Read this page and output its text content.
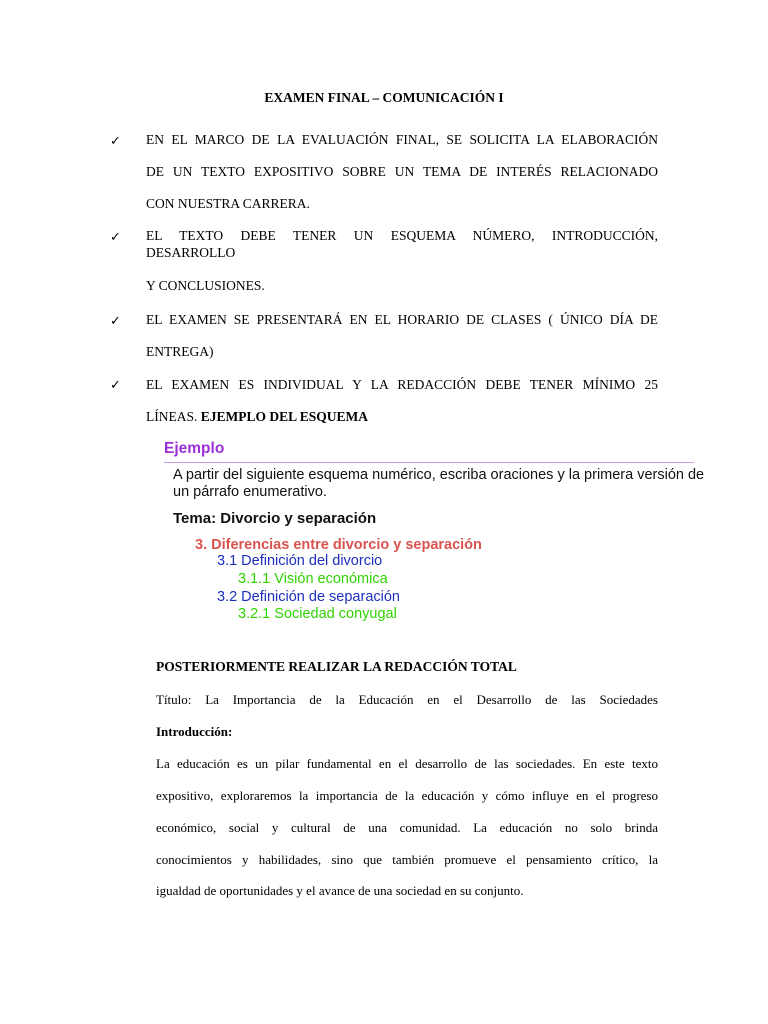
EXAMEN FINAL – COMUNICACIÓN I
✓ EN EL MARCO DE LA EVALUACIÓN FINAL, SE SOLICITA LA ELABORACIÓN
DE UN TEXTO EXPOSITIVO SOBRE UN TEMA DE INTERÉS RELACIONADO
CON NUESTRA CARRERA.
✓ EL TEXTO DEBE TENER UN ESQUEMA NÚMERO, INTRODUCCIÓN,
DESARROLLO
Y CONCLUSIONES.
✓ EL EXAMEN SE PRESENTARÁ EN EL HORARIO DE CLASES ( ÚNICO DÍA DE
ENTREGA)
✓ EL EXAMEN ES INDIVIDUAL Y LA REDACCIÓN DEBE TENER MÍNIMO 25
LÍNEAS. EJEMPLO DEL ESQUEMA
Ejemplo
A partir del siguiente esquema numérico, escriba oraciones y la primera versión de
un párrafo enumerativo.
Tema: Divorcio y separación
3. Diferencias entre divorcio y separación
3.1 Definición del divorcio
3.1.1 Visión económica
3.2 Definición de separación
3.2.1 Sociedad conyugal
POSTERIORMENTE REALIZAR LA REDACCIÓN TOTAL
Título: La Importancia de la Educación en el Desarrollo de las Sociedades
Introducción:
La educación es un pilar fundamental en el desarrollo de las sociedades. En este texto
expositivo, exploraremos la importancia de la educación y cómo influye en el progreso
económico, social y cultural de una comunidad. La educación no solo brinda
conocimientos y habilidades, sino que también promueve el pensamiento crítico, la
igualdad de oportunidades y el avance de una sociedad en su conjunto.
